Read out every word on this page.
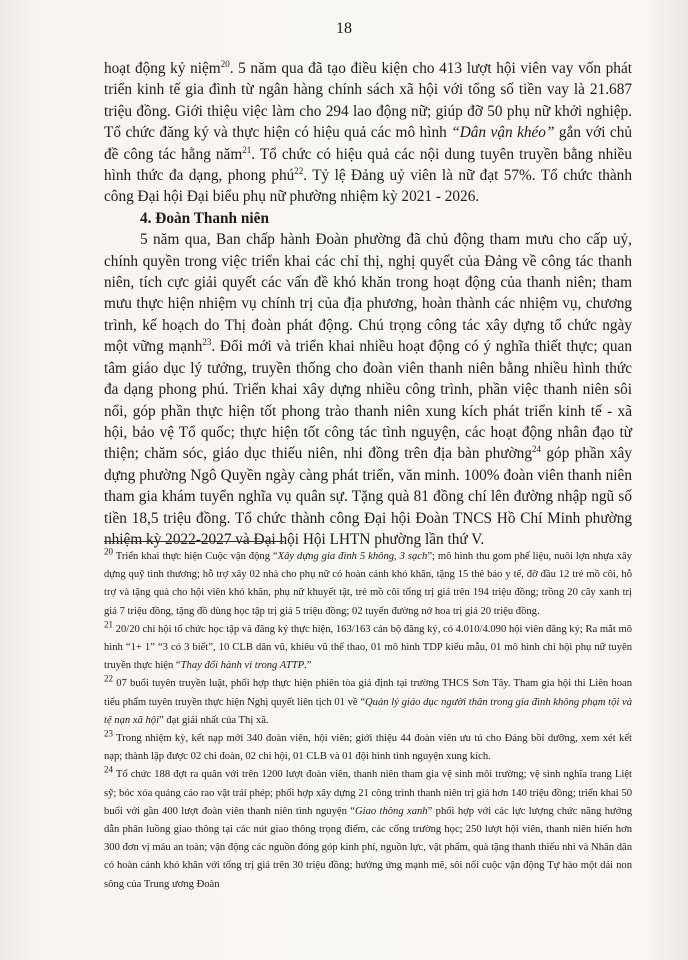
18

hoạt động kỷ niệm$^{20}$. 5 năm qua đã tạo điều kiện cho 413 lượt hội viên vay vốn phát triển kinh tế gia đình từ ngân hàng chính sách xã hội với tổng số tiền vay là 21.687 triệu đồng. Giới thiệu việc làm cho 294 lao động nữ; giúp đỡ 50 phụ nữ khởi nghiệp. Tổ chức đăng ký và thực hiện có hiệu quả các mô hình “Dân vận khéo” gắn với chủ đề công tác hằng năm$^{21}$. Tổ chức có hiệu quả các nội dung tuyên truyền bằng nhiều hình thức đa dạng, phong phú$^{22}$. Tỷ lệ Đảng uỷ viên là nữ đạt 57%. Tổ chức thành công Đại hội Đại biểu phụ nữ phường nhiệm kỳ 2021 - 2026.

4. Đoàn Thanh niên

5 năm qua, Ban chấp hành Đoàn phường đã chủ động tham mưu cho cấp uỷ, chính quyền trong việc triển khai các chỉ thị, nghị quyết của Đảng về công tác thanh niên, tích cực giải quyết các vấn đề khó khăn trong hoạt động của thanh niên; tham mưu thực hiện nhiệm vụ chính trị của địa phương, hoàn thành các nhiệm vụ, chương trình, kế hoạch do Thị đoàn phát động. Chú trọng công tác xây dựng tổ chức ngày một vững mạnh$^{23}$. Đổi mới và triển khai nhiều hoạt động có ý nghĩa thiết thực; quan tâm giáo dục lý tưởng, truyền thống cho đoàn viên thanh niên bằng nhiều hình thức đa dạng phong phú. Triển khai xây dựng nhiều công trình, phần việc thanh niên sôi nổi, góp phần thực hiện tốt phong trào thanh niên xung kích phát triển kinh tế - xã hội, bảo vệ Tổ quốc; thực hiện tốt công tác tình nguyện, các hoạt động nhân đạo từ thiện; chăm sóc, giáo dục thiếu niên, nhi đồng trên địa bàn phường$^{24}$ góp phần xây dựng phường Ngô Quyền ngày càng phát triển, văn minh. 100% đoàn viên thanh niên tham gia khám tuyển nghĩa vụ quân sự. Tặng quà 81 đồng chí lên đường nhập ngũ số tiền 18,5 triệu đồng. Tổ chức thành công Đại hội Đoàn TNCS Hồ Chí Minh phường nhiệm kỳ 2022-2027 và Đại hội Hội LHTN phường lần thứ V.

$^{20}$ Triển khai thực hiện Cuộc vận động “Xây dựng gia đình 5 không, 3 sạch”; mô hình thu gom phế liệu, nuôi lợn nhựa xây dựng quỹ tình thương; hỗ trợ xây 02 nhà cho phụ nữ có hoàn cảnh khó khăn, tặng 15 thẻ bảo y tế, đỡ đầu 12 trẻ mồ côi, hỗ trợ và tặng quà cho hội viên khó khăn, phụ nữ khuyết tật, trẻ mồ côi tổng trị giá trên 194 triệu đồng; trồng 20 cây xanh trị giá 7 triệu đồng, tặng đồ dùng học tập trị giá 5 triệu đồng; 02 tuyến đường nở hoa trị giá 20 triệu đồng.

$^{21}$ 20/20 chi hội tổ chức học tập và đăng ký thực hiện, 163/163 cán bộ đăng ký, có 4.010/4.090 hội viên đăng ký; Ra mắt mô hình “1+ 1” “3 có 3 biết”, 10 CLB dân vũ, khiêu vũ thể thao, 01 mô hình TDP kiểu mẫu, 01 mô hình chi hội phụ nữ tuyên truyền thực hiện “Thay đổi hành vi trong ATTP.”

$^{22}$ 07 buổi tuyên truyền luật, phối hợp thực hiện phiên tòa giả định tại trường THCS Sơn Tây. Tham gia hội thi Liên hoan tiểu phẩm tuyên truyền thực hiện Nghị quyết liên tịch 01 về “Quản lý giáo dục người thân trong gia đình không phạm tội và tệ nạn xã hội” đạt giải nhất của Thị xã.

$^{23}$ Trong nhiệm kỳ, kết nạp mới 340 đoàn viên, hội viên; giới thiệu 44 đoàn viên ưu tú cho Đảng bồi dưỡng, xem xét kết nạp; thành lập được 02 chi đoàn, 02 chi hội, 01 CLB và 01 đội hình tình nguyện xung kích.

$^{24}$ Tổ chức 188 đợt ra quân với trên 1200 lượt đoàn viên, thanh niên tham gia vệ sinh môi trường; vệ sinh nghĩa trang Liệt sỹ; bóc xóa quảng cáo rao vặt trái phép; phối hợp xây dựng 21 công trình thanh niên trị giá hơn 140 triệu đồng; triển khai 50 buổi với gần 400 lượt đoàn viên thanh niên tình nguyện “Giao thông xanh” phối hợp với các lực lượng chức năng hướng dẫn phân luồng giao thông tại các nút giao thông trọng điểm, các cổng trường học; 250 lượt hội viên, thanh niên hiến hơn 300 đơn vị máu an toàn; vận động các nguồn đóng góp kinh phí, nguồn lực, vật phẩm, quà tặng thanh thiếu nhi và Nhân dân có hoàn cảnh khó khăn với tổng trị giá trên 30 triệu đồng; hưởng ứng mạnh mẽ, sôi nổi cuộc vận động Tự hào một dải non sông của Trung ương Đoàn
